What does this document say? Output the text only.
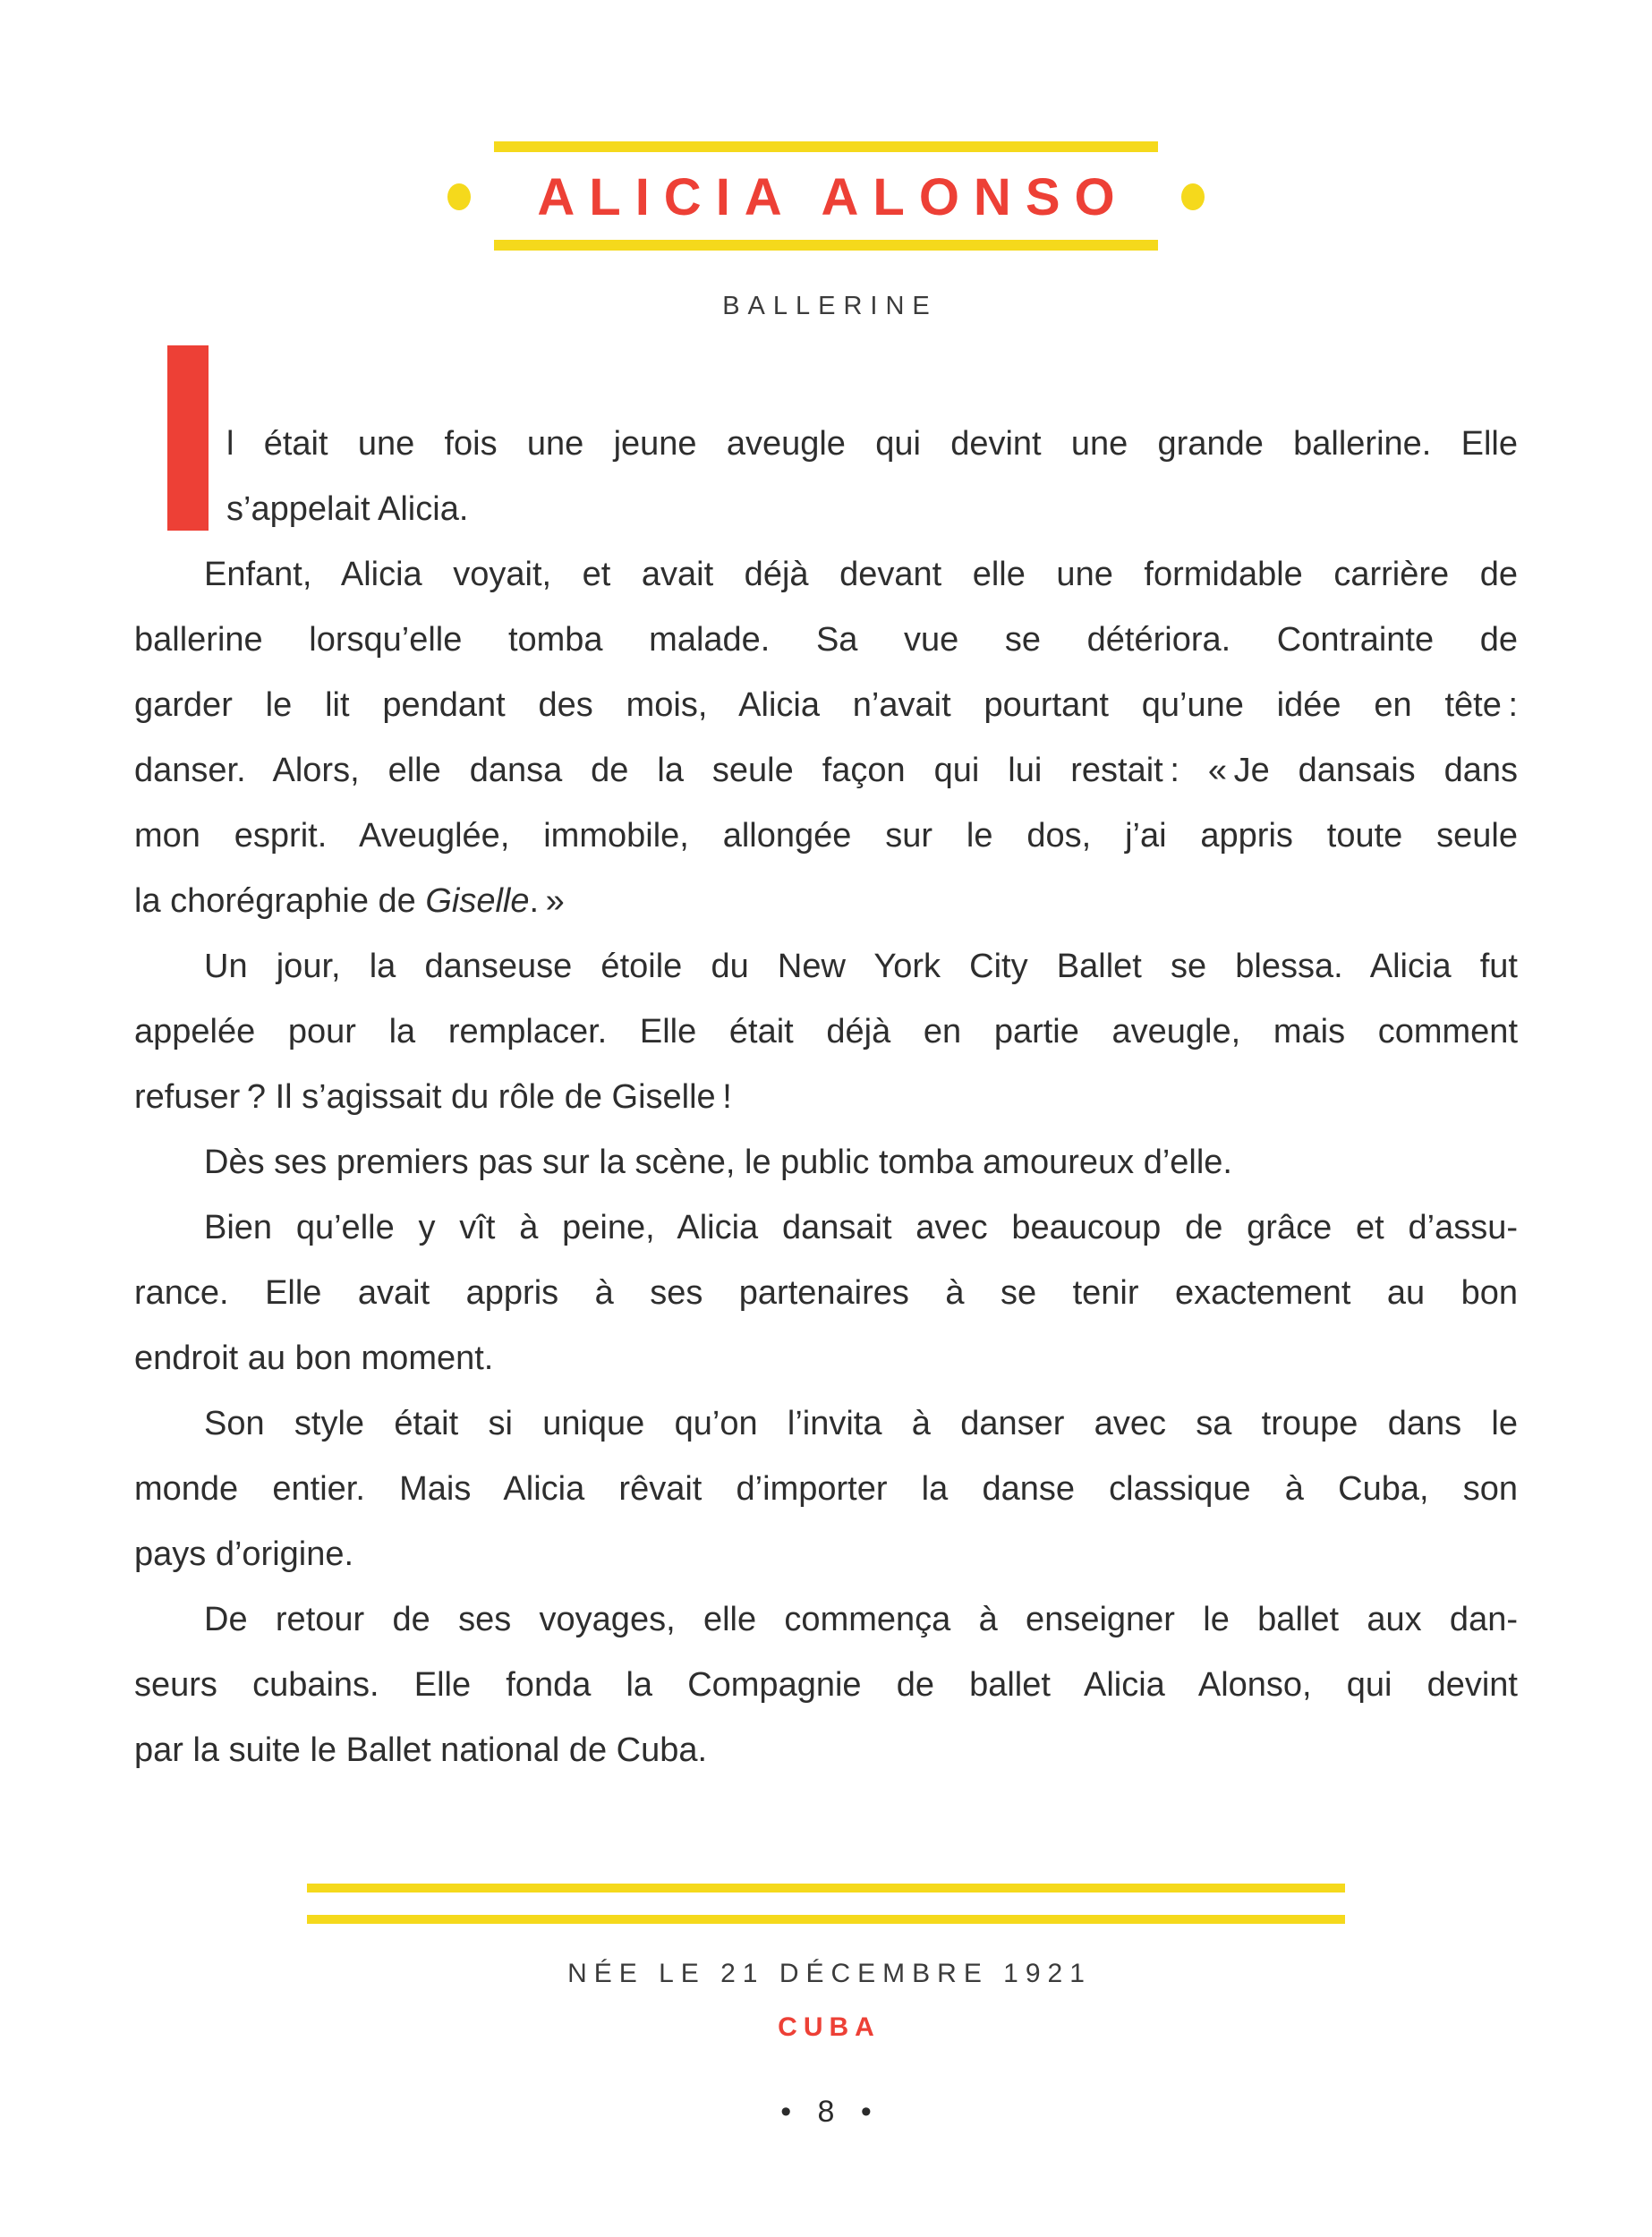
ALICIA ALONSO
BALLERINE
l était une fois une jeune aveugle qui devint une grande ballerine. Elle
s’appelait Alicia.
Enfant, Alicia voyait, et avait déjà devant elle une formidable carrière de
ballerine lorsqu’elle tomba malade. Sa vue se détériora. Contrainte de
garder le lit pendant des mois, Alicia n’avait pourtant qu’une idée en tête :
danser. Alors, elle dansa de la seule façon qui lui restait : « Je dansais dans
mon esprit. Aveuglée, immobile, allongée sur le dos, j’ai appris toute seule
la chorégraphie de Giselle. »
Un jour, la danseuse étoile du New York City Ballet se blessa. Alicia fut
appelée pour la remplacer. Elle était déjà en partie aveugle, mais comment
refuser ? Il s’agissait du rôle de Giselle !
Dès ses premiers pas sur la scène, le public tomba amoureux d’elle.
Bien qu’elle y vît à peine, Alicia dansait avec beaucoup de grâce et d’assu-
rance. Elle avait appris à ses partenaires à se tenir exactement au bon
endroit au bon moment.
Son style était si unique qu’on l’invita à danser avec sa troupe dans le
monde entier. Mais Alicia rêvait d’importer la danse classique à Cuba, son
pays d’origine.
De retour de ses voyages, elle commença à enseigner le ballet aux dan-
seurs cubains. Elle fonda la Compagnie de ballet Alicia Alonso, qui devint
par la suite le Ballet national de Cuba.
NÉE LE 21 DÉCEMBRE 1921
CUBA
• 8 •
